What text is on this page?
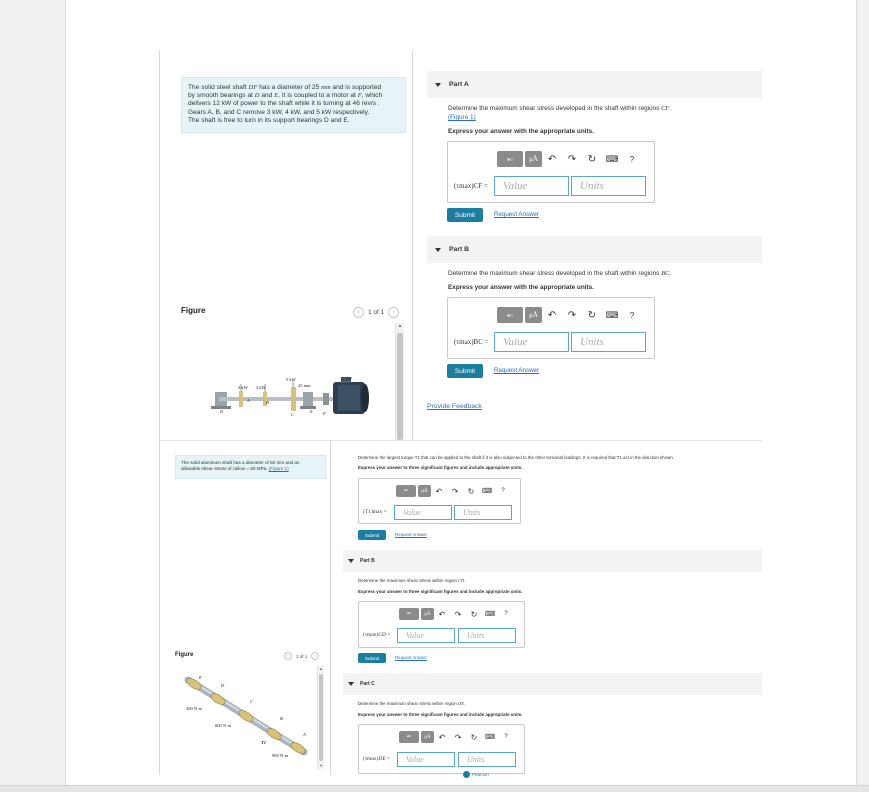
The solid steel shaft DF has a diameter of 25 mm and is supported
by smooth bearings at D and E. It is coupled to a motor at F, which
delivers 12 kW of power to the shaft while it is turning at 46 rev/s .
Gears A, B, and C remove 3 kW, 4 kW, and 5 kW respectively.
The shaft is free to turn in its support bearings D and E.
Figure	‹	1 of 1	›
▲
3 kW 4 kW
5 kW
25 mm
12 kW
A	B
D
C
E F
Part A
Determine the maximum shear stress developed in the shaft within regions CF.
(Figure 1)
Express your answer with the appropriate units.
▪▫	μÅ ↶	↷	↻	⌨	?
(τmax)CF =	Value	Units
Submit	Request Answer
Part B
Determine the maximum shear stress developed in the shaft within regions BC.
Express your answer with the appropriate units.
▪▫	μÅ ↶	↷	↻	⌨	?
(τmax)BC =	Value	Units
Submit	Request Answer
Provide Feedback
The solid aluminum shaft has a diameter of 50 mm and an
allowable shear stress of τallow = 60 MPa. (Figure 1)
Figure	‹	1 of 1	›
▲
▼
E
D
C
B
A
300 N·m
600 N·m
T1
900 N·m
Determine the largest torque T1 that can be applied to the shaft if it is also subjected to the other torsional loadings. It is required that T1 act in the direction shown.
Express your answer to three significant figures and include appropriate units.
▪▫	μÅ	↶	↷	↻	⌨	?
(T1)max =	Value	Units
Submit	Request Answer
Part B
Determine the maximum shear stress within region CD.
Express your answer to three significant figures and include appropriate units.
▪▫	μÅ	↶	↷	↻	⌨	?
(τmax)CD =	Value	Units
Submit	Request Answer
Part C
Determine the maximum shear stress within region DE.
Express your answer to three significant figures and include appropriate units.
▪▫	μÅ	↶	↷	↻	⌨	?
(τmax)DE =	Value	Units
Pearson
